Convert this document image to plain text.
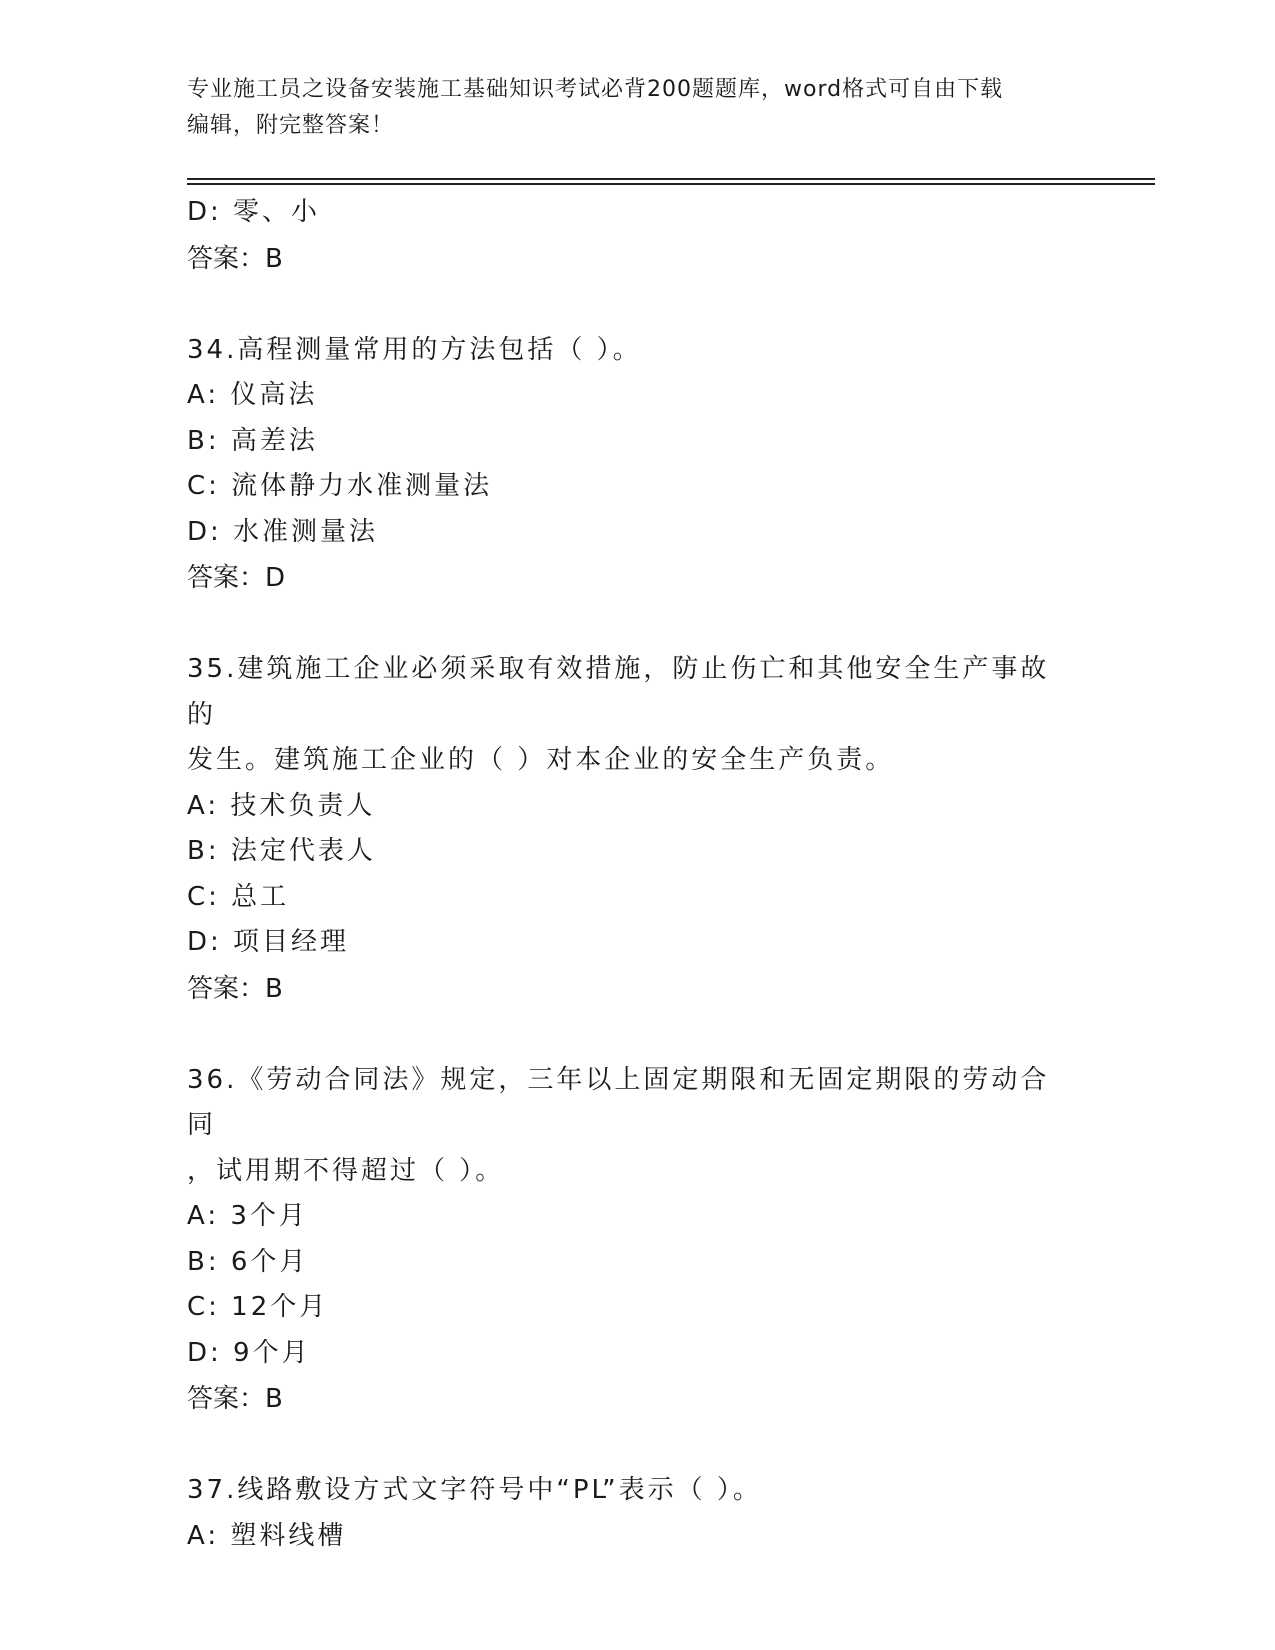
专业施工员之设备安装施工基础知识考试必背200题题库，word格式可自由下载
编辑，附完整答案！
D: 零、小
答案：B
34.高程测量常用的方法包括（ ）。
A: 仪高法
B: 高差法
C: 流体静力水准测量法
D: 水准测量法
答案：D
35.建筑施工企业必须采取有效措施，防止伤亡和其他安全生产事故的
发生。建筑施工企业的（ ）对本企业的安全生产负责。
A: 技术负责人
B: 法定代表人
C: 总工
D: 项目经理
答案：B
36.《劳动合同法》规定，三年以上固定期限和无固定期限的劳动合同
，试用期不得超过（ ）。
A: 3个月
B: 6个月
C: 12个月
D: 9个月
答案：B
37.线路敷设方式文字符号中“PL”表示（ ）。
A: 塑料线槽
